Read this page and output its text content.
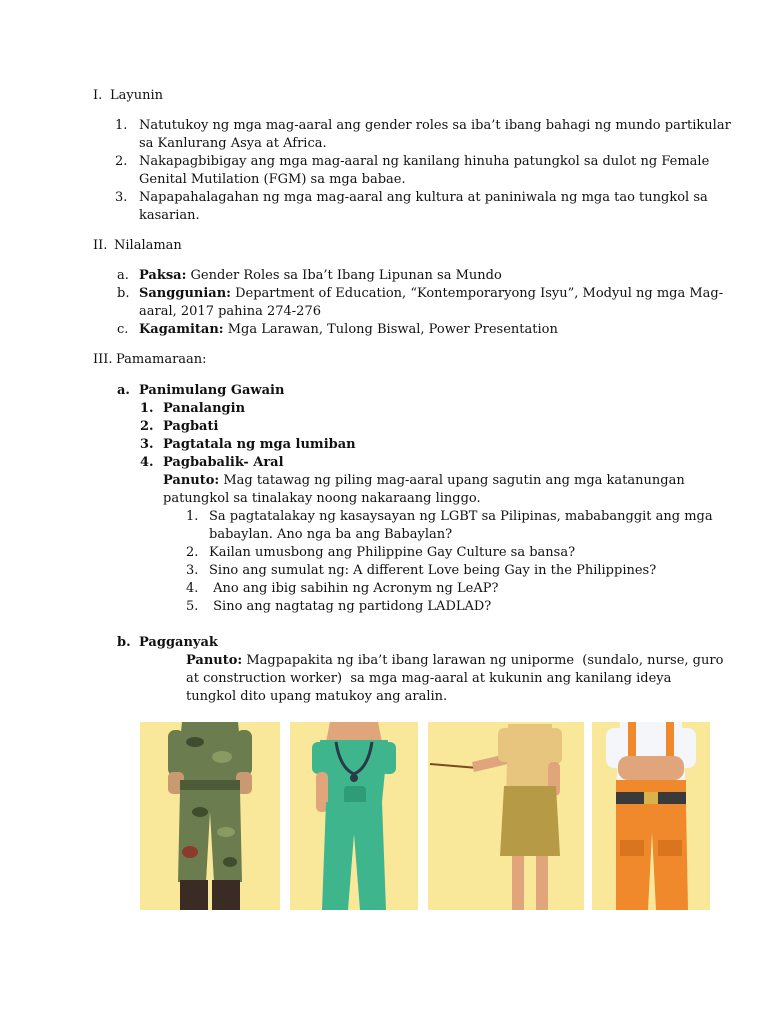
I. Layunin
1. Natutukoy ng mga mag-aaral ang gender roles sa iba’t ibang bahagi ng mundo partikular
sa Kanlurang Asya at Africa.
2. Nakapagbibigay ang mga mag-aaral ng kanilang hinuha patungkol sa dulot ng Female
Genital Mutilation (FGM) sa mga babae.
3. Napapahalagahan ng mga mag-aaral ang kultura at paniniwala ng mga tao tungkol sa
kasarian.
II. Nilalaman
a. Paksa: Gender Roles sa Iba’t Ibang Lipunan sa Mundo
b. Sanggunian: Department of Education, “Kontemporaryong Isyu”, Modyul ng mga Mag-
aaral, 2017 pahina 274-276
c. Kagamitan: Mga Larawan, Tulong Biswal, Power Presentation
III. Pamamaraan:
a. Panimulang Gawain
1. Panalangin
2. Pagbati
3. Pagtatala ng mga lumiban
4. Pagbabalik- Aral
Panuto: Mag tatawag ng piling mag-aaral upang sagutin ang mga katanungan
patungkol sa tinalakay noong nakaraang linggo.
1. Sa pagtatalakay ng kasaysayan ng LGBT sa Pilipinas, mababanggit ang mga
babaylan. Ano nga ba ang Babaylan?
2. Kailan umusbong ang Philippine Gay Culture sa bansa?
3. Sino ang sumulat ng: A different Love being Gay in the Philippines?
4. Ano ang ibig sabihin ng Acronym ng LeAP?
5. Sino ang nagtatag ng partidong LADLAD?
b. Pagganyak
Panuto: Magpapakita ng iba’t ibang larawan ng uniporme  (sundalo, nurse, guro
at construction worker)  sa mga mag-aaral at kukunin ang kanilang ideya
tungkol dito upang matukoy ang aralin.
